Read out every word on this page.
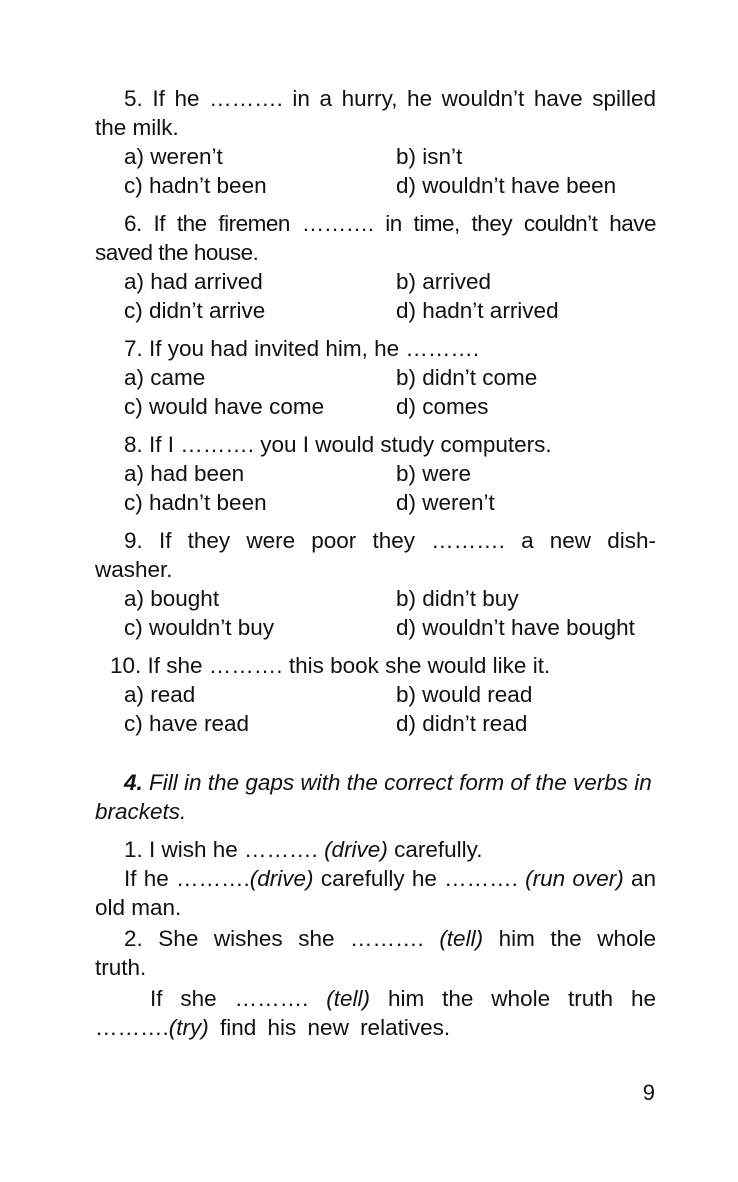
5. If he ………. in a hurry, he wouldn’t have spilled the milk.
a) weren’t	b) isn’t
c) hadn’t been	d) wouldn’t have been
6. If the firemen ………. in time, they couldn’t have saved the house.
a) had arrived	b) arrived
c) didn’t arrive	d) hadn’t arrived
7. If you had invited him, he ……….
a) came	b) didn’t come
c) would have come	d) comes
8. If I ………. you I would study computers.
a) had been	b) were
c) hadn’t been	d) weren’t
9. If they were poor they ………. a new dish-washer.
a) bought	b) didn’t buy
c) wouldn’t buy	d) wouldn’t have bought
10. If she ………. this book she would like it.
a) read	b) would read
c) have read	d) didn’t read
4. Fill in the gaps with the correct form of the verbs in brackets.
1. I wish he ………. (drive) carefully.
If he ……….(drive) carefully he ………. (run over) an old man.
2. She wishes she ………. (tell) him the whole truth.
If she ………. (tell) him the whole truth he ……….(try) find his new relatives.
9
